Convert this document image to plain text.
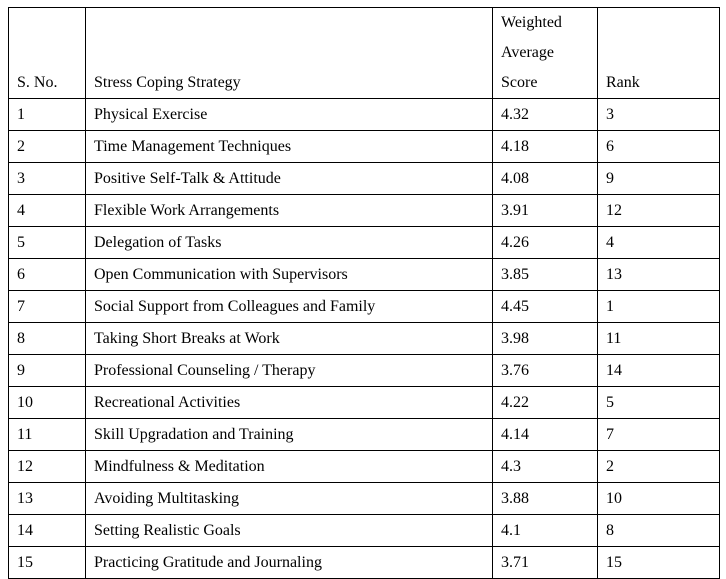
S. No.	Stress Coping Strategy	Weighted
Average
Score	Rank
1	Physical Exercise	4.32	3
2	Time Management Techniques	4.18	6
3	Positive Self-Talk & Attitude	4.08	9
4	Flexible Work Arrangements	3.91	12
5	Delegation of Tasks	4.26	4
6	Open Communication with Supervisors	3.85	13
7	Social Support from Colleagues and Family	4.45	1
8	Taking Short Breaks at Work	3.98	11
9	Professional Counseling / Therapy	3.76	14
10	Recreational Activities	4.22	5
11	Skill Upgradation and Training	4.14	7
12	Mindfulness & Meditation	4.3	2
13	Avoiding Multitasking	3.88	10
14	Setting Realistic Goals	4.1	8
15	Practicing Gratitude and Journaling	3.71	15
